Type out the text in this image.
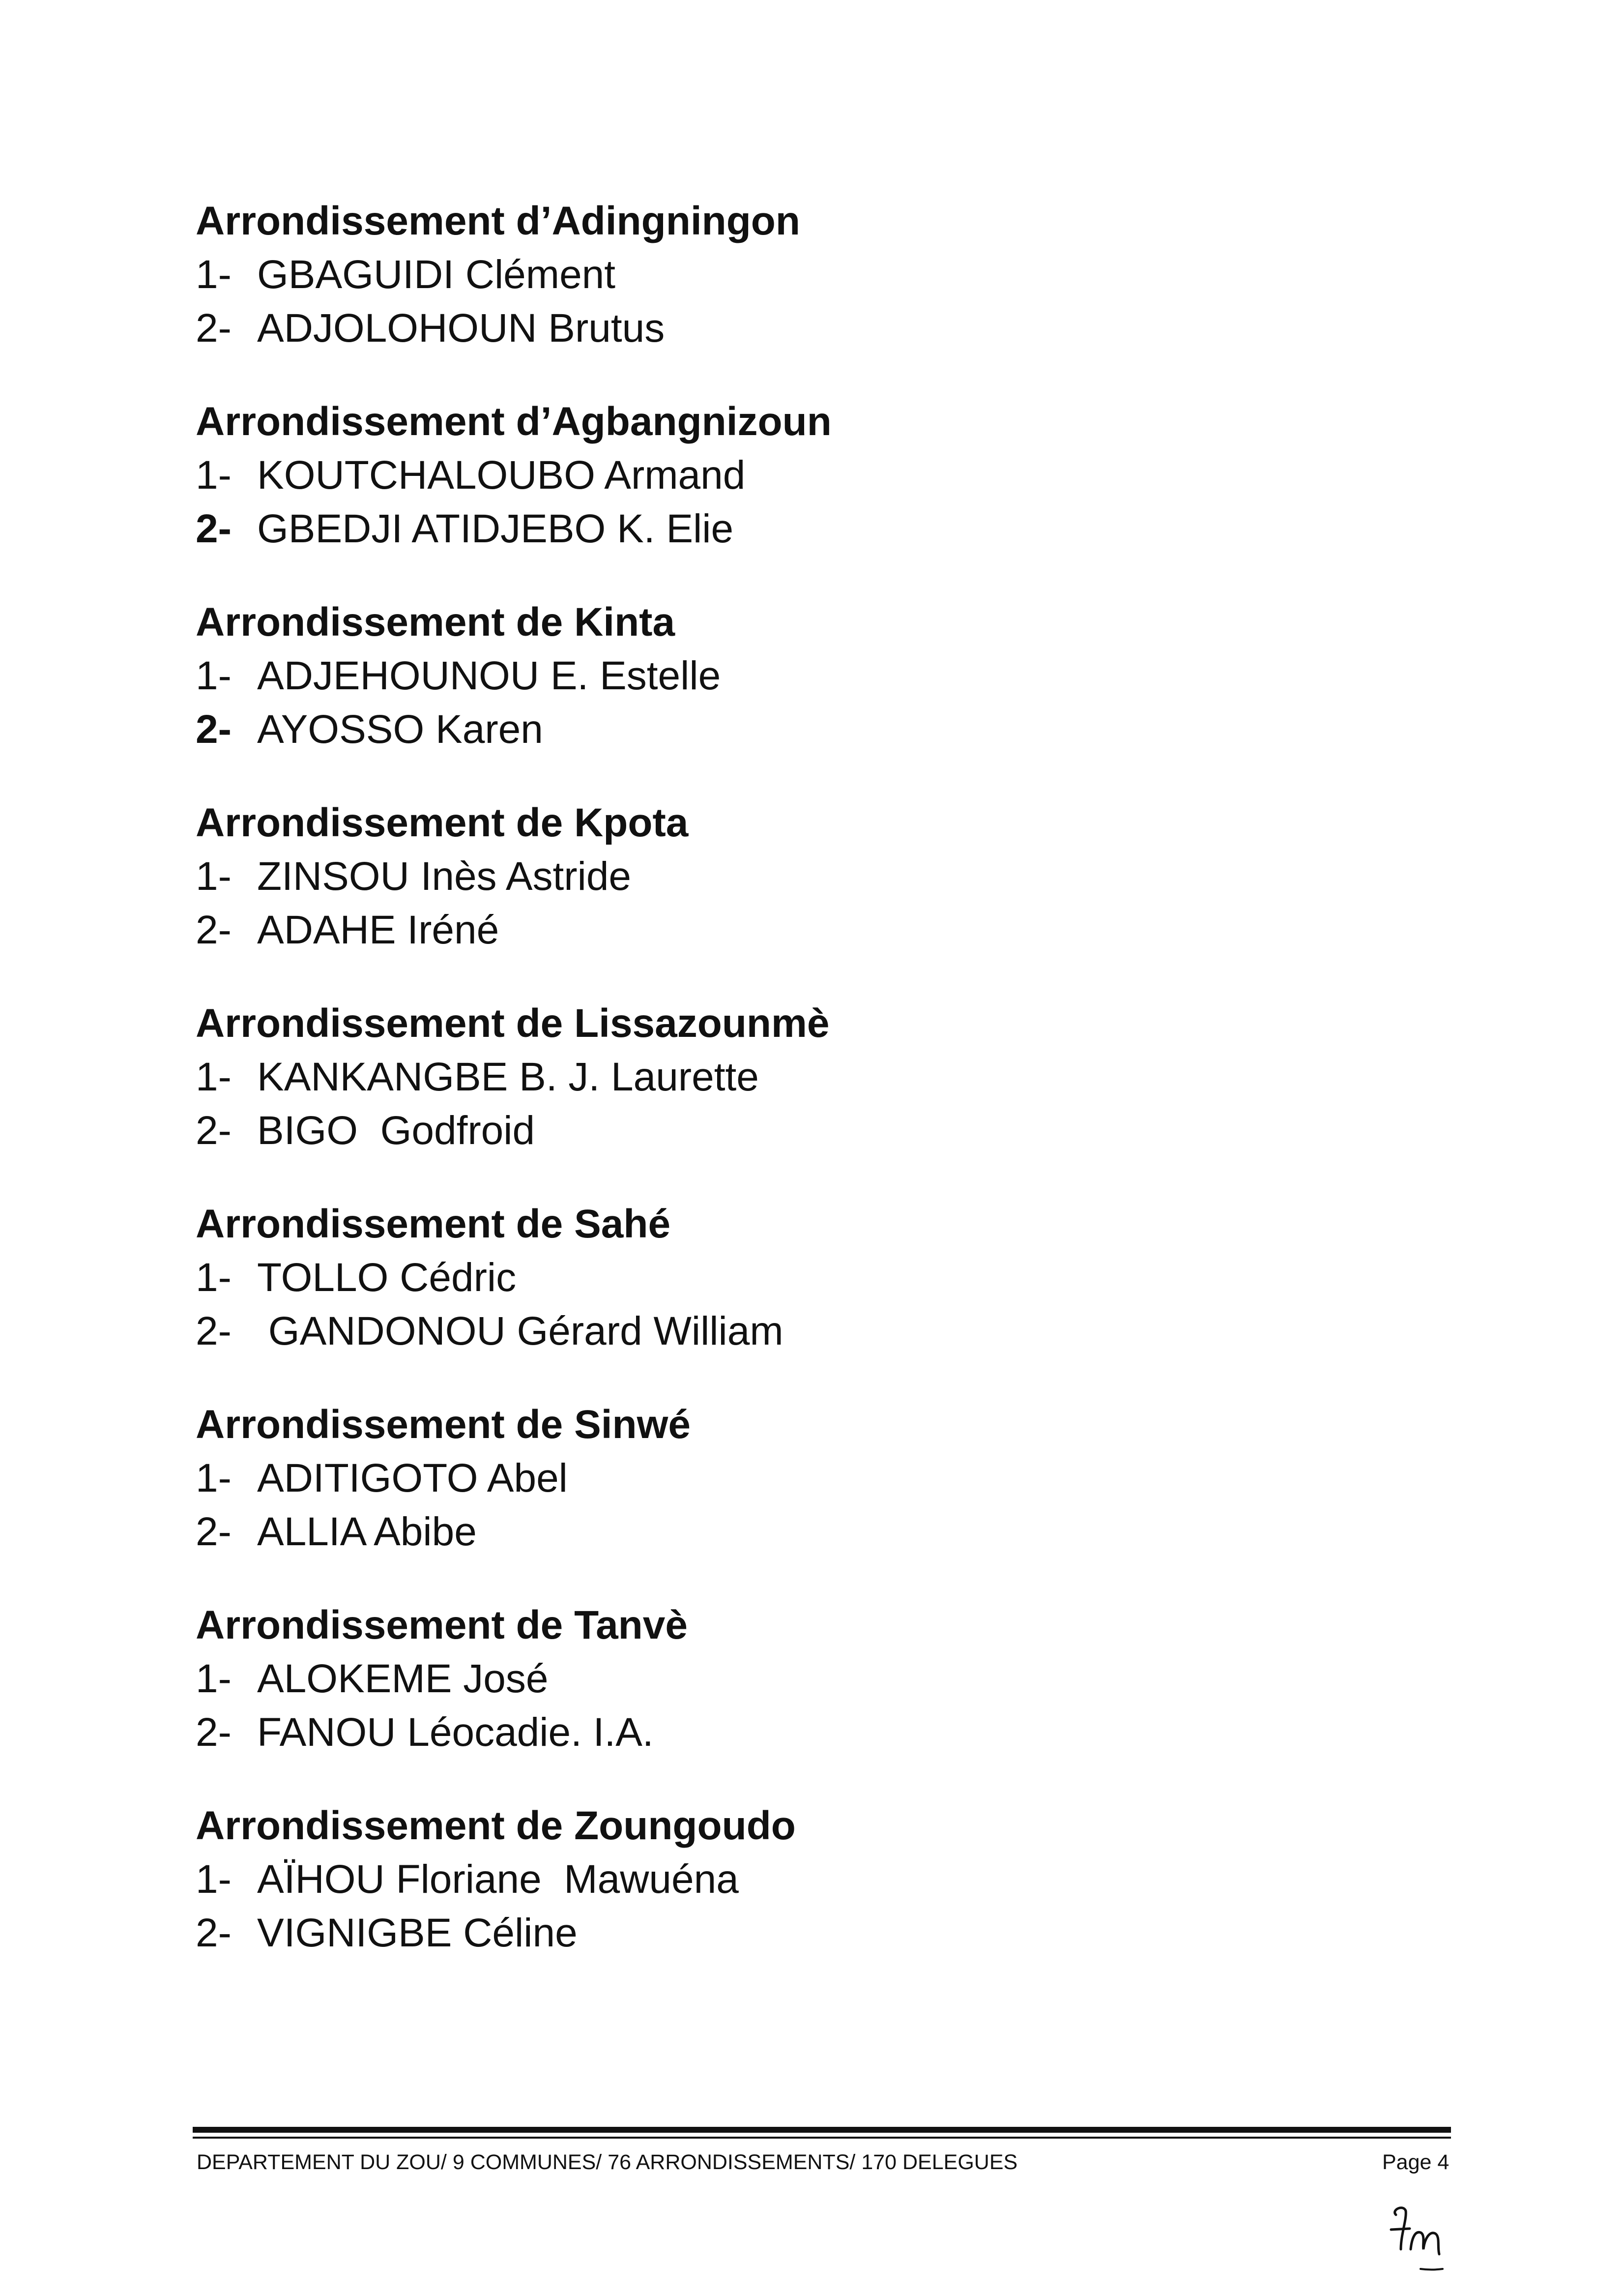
Arrondissement d’Adingningon
1- GBAGUIDI Clément
2- ADJOLOHOUN Brutus
Arrondissement d’Agbangnizoun
1- KOUTCHALOUBO Armand
2- GBEDJI ATIDJEBO K. Elie
Arrondissement de Kinta
1- ADJEHOUNOU E. Estelle
2- AYOSSO Karen
Arrondissement de Kpota
1- ZINSOU Inès Astride
2- ADAHE Iréné
Arrondissement de Lissazounmè
1- KANKANGBE B. J. Laurette
2- BIGO  Godfroid
Arrondissement de Sahé
1- TOLLO Cédric
2- GANDONOU Gérard William
Arrondissement de Sinwé
1- ADITIGOTO Abel
2- ALLIA Abibe
Arrondissement de Tanvè
1- ALOKEME José
2- FANOU Léocadie. I.A.
Arrondissement de Zoungoudo
1- AÏHOU Floriane  Mawuéna
2- VIGNIGBE Céline
DEPARTEMENT DU ZOU/ 9 COMMUNES/ 76 ARRONDISSEMENTS/ 170 DELEGUES	Page 4
